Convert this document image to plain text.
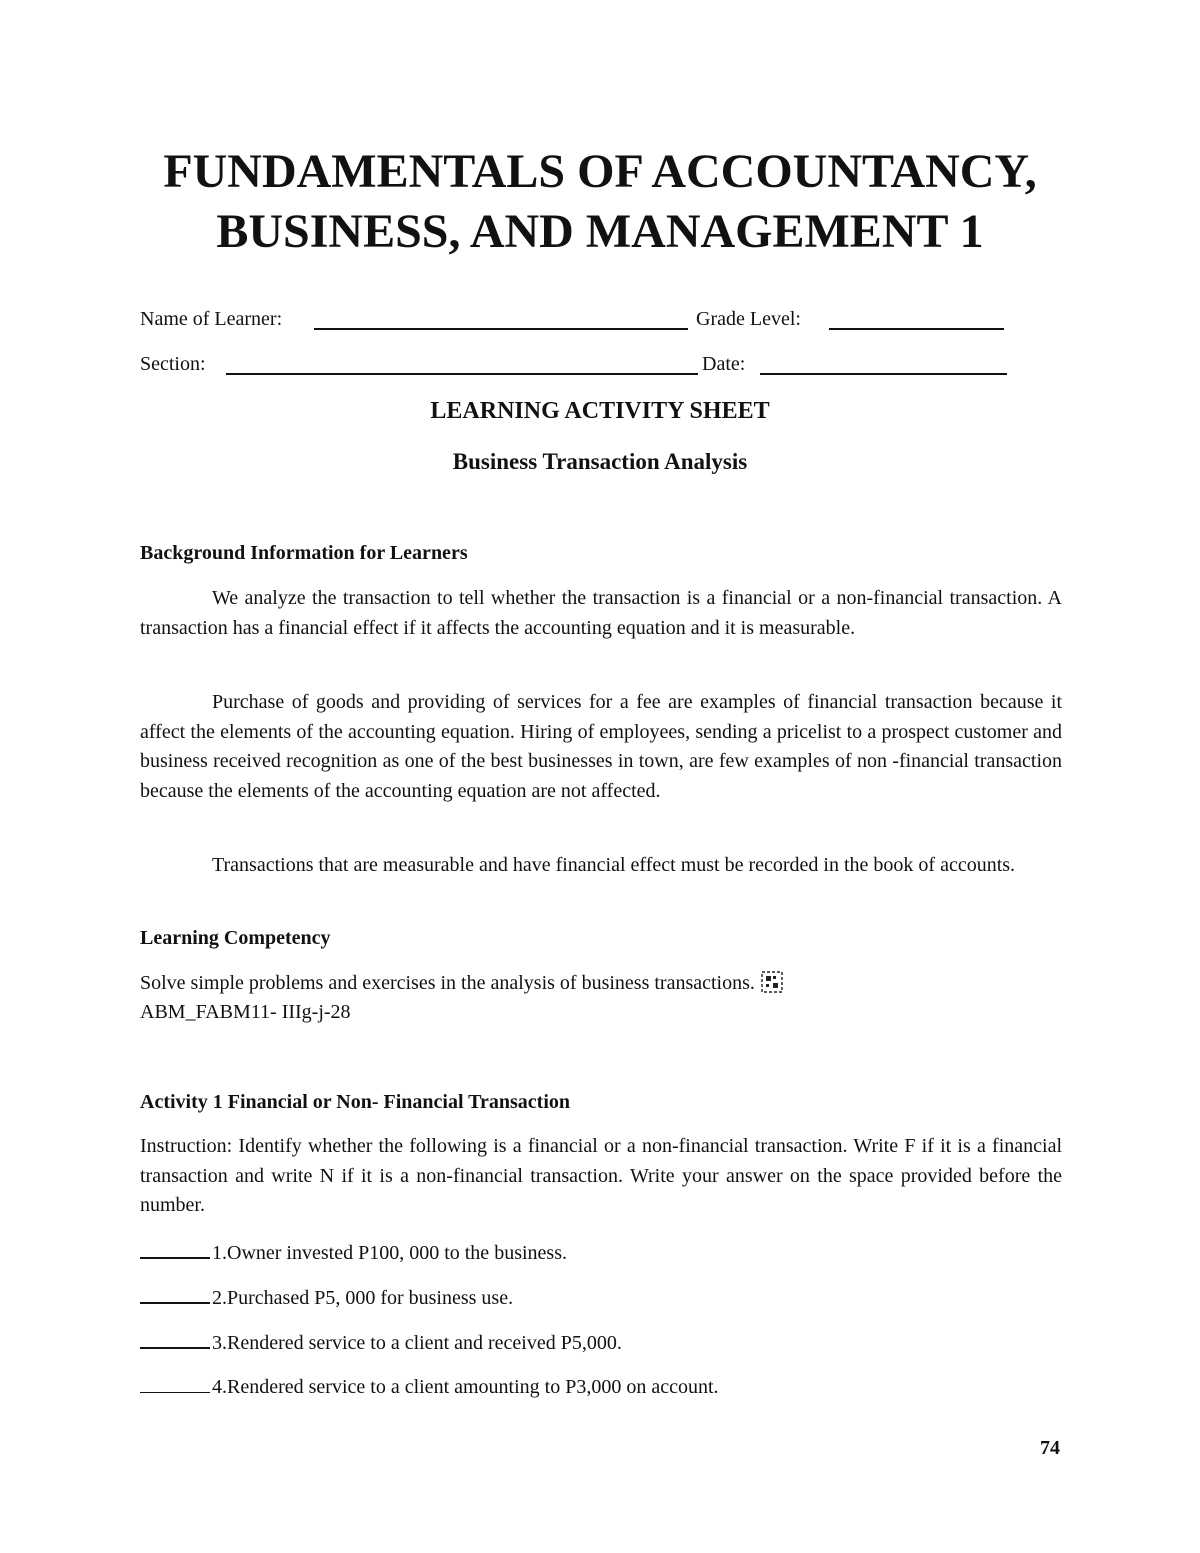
FUNDAMENTALS OF ACCOUNTANCY,
BUSINESS, AND MANAGEMENT 1
Name of Learner:	Grade Level:
Section:	Date:
LEARNING ACTIVITY SHEET
Business Transaction Analysis
Background Information for Learners

We analyze the transaction to tell whether the transaction is a financial or a non-financial transaction. A transaction has a financial effect if it affects the accounting equation and it is measurable.

Purchase of goods and providing of services for a fee are examples of financial transaction because it affect the elements of the accounting equation. Hiring of employees, sending a pricelist to a prospect customer and business received recognition as one of the best businesses in town, are few examples of non -financial transaction because the elements of the accounting equation are not affected.

Transactions that are measurable and have financial effect must be recorded in the book of accounts.

Learning Competency

Solve simple problems and exercises in the analysis of business transactions.

ABM_FABM11- IIIg-j-28

Activity 1 Financial or Non- Financial Transaction

Instruction: Identify whether the following is a financial or a non-financial transaction. Write F if it is a financial transaction and write N if it is a non-financial transaction. Write your answer on the space provided before the number.

1.Owner invested P100, 000 to the business.

2.Purchased P5, 000 for business use.

3.Rendered service to a client and received P5,000.

4.Rendered service to a client amounting to P3,000 on account.

74
